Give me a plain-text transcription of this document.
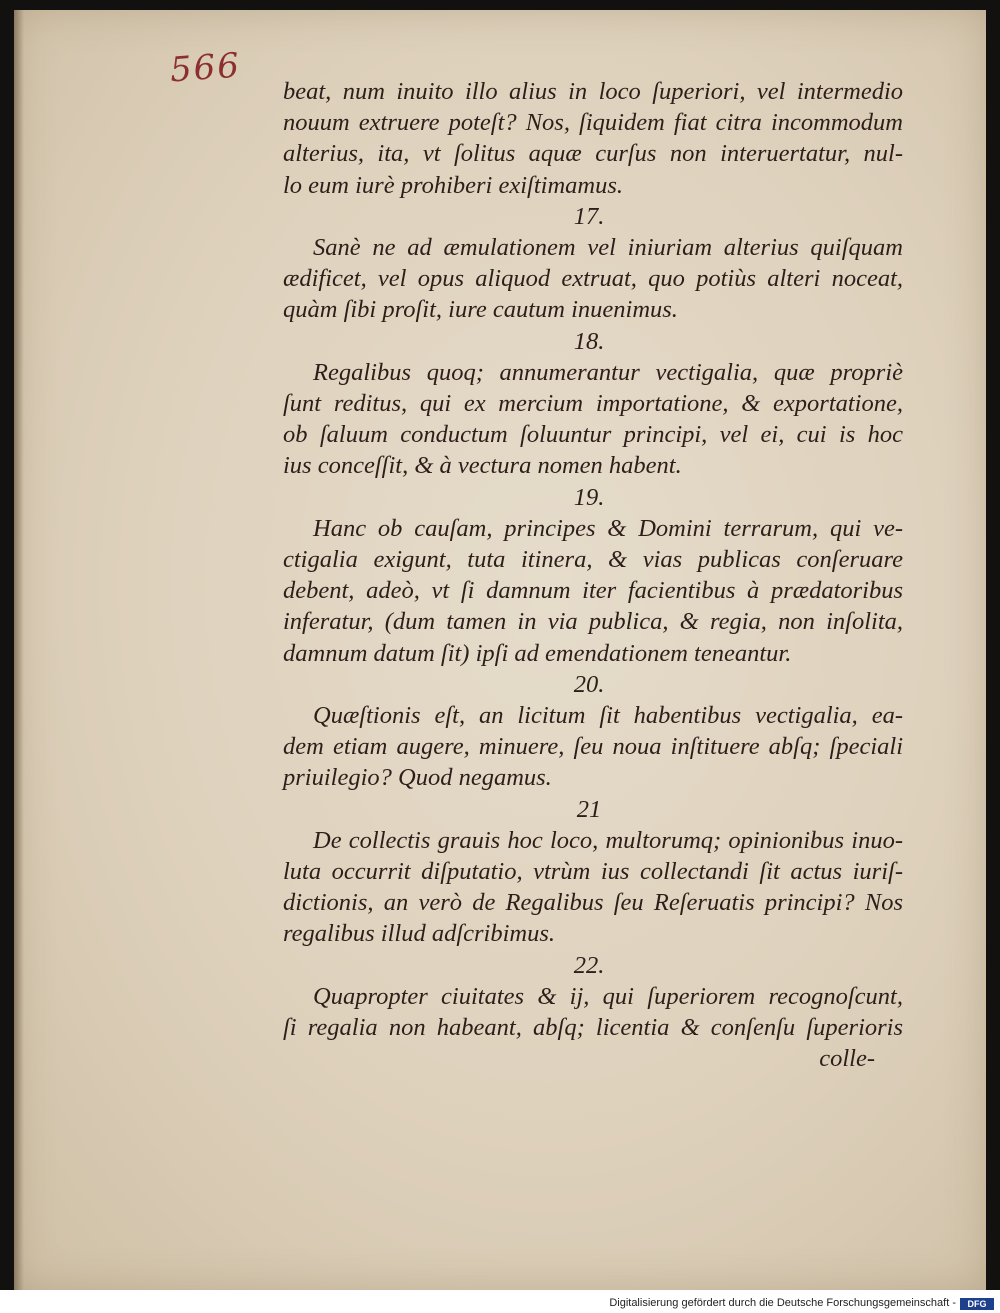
566
beat, num inuito illo alius in loco ſuperiori, vel intermedio
nouum extruere poteſt? Nos, ſiquidem fiat citra incommodum
alterius, ita, vt ſolitus aquæ curſus non interuertatur, nul-
lo eum iurè prohiberi exiſtimamus.
17.
Sanè ne ad æmulationem vel iniuriam alterius quiſquam
ædificet, vel opus aliquod extruat, quo potiùs alteri noceat,
quàm ſibi proſit, iure cautum inuenimus.
18.
Regalibus quoq; annumerantur vectigalia, quæ propriè
ſunt reditus, qui ex mercium importatione, & exportatione,
ob ſaluum conductum ſoluuntur principi, vel ei, cui is hoc
ius conceſſit, & à vectura nomen habent.
19.
Hanc ob cauſam, principes & Domini terrarum, qui ve-
ctigalia exigunt, tuta itinera, & vias publicas conſeruare
debent, adeò, vt ſi damnum iter facientibus à prædatoribus
inferatur, (dum tamen in via publica, & regia, non inſolita,
damnum datum ſit) ipſi ad emendationem teneantur.
20.
Quæſtionis eſt, an licitum ſit habentibus vectigalia, ea-
dem etiam augere, minuere, ſeu noua inſtituere abſq; ſpeciali
priuilegio? Quod negamus.
21
De collectis grauis hoc loco, multorumq; opinionibus inuo-
luta occurrit diſputatio, vtrùm ius collectandi ſit actus iuriſ-
dictionis, an verò de Regalibus ſeu Reſeruatis principi? Nos
regalibus illud adſcribimus.
22.
Quapropter ciuitates & ij, qui ſuperiorem recognoſcunt,
ſi regalia non habeant, abſq; licentia & conſenſu ſuperioris
colle-
Digitalisierung gefördert durch die Deutsche Forschungsgemeinschaft -	DFG
